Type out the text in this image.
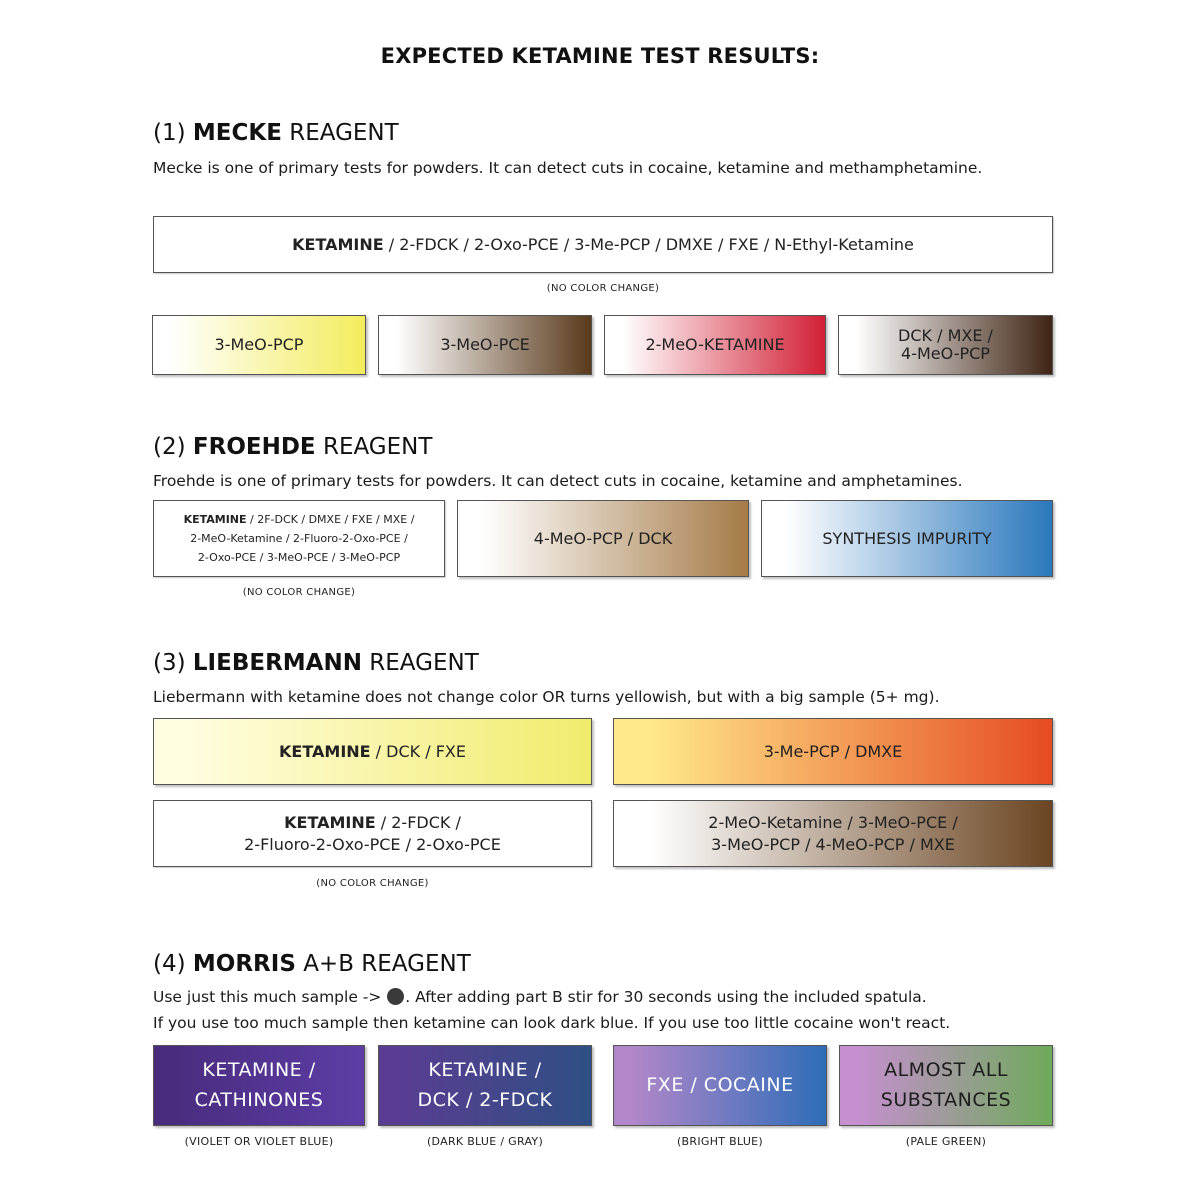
EXPECTED KETAMINE TEST RESULTS:
(1) MECKE REAGENT
Mecke is one of primary tests for powders. It can detect cuts in cocaine, ketamine and methamphetamine.
KETAMINE / 2-FDCK / 2-Oxo-PCE / 3-Me-PCP / DMXE / FXE / N-Ethyl-Ketamine
(NO COLOR CHANGE)
3-MeO-PCP	3-MeO-PCE	2-MeO-KETAMINE
DCK / MXE /
4-MeO-PCP
(2) FROEHDE REAGENT
Froehde is one of primary tests for powders. It can detect cuts in cocaine, ketamine and amphetamines.
KETAMINE / 2F-DCK / DMXE / FXE / MXE /
2-MeO-Ketamine / 2-Fluoro-2-Oxo-PCE /
2-Oxo-PCE / 3-MeO-PCE / 3-MeO-PCP
(NO COLOR CHANGE)
4-MeO-PCP / DCK	SYNTHESIS IMPURITY
(3) LIEBERMANN REAGENT
Liebermann with ketamine does not change color OR turns yellowish, but with a big sample (5+ mg).
KETAMINE / DCK / FXE	3-Me-PCP / DMXE
KETAMINE / 2-FDCK /
2-Fluoro-2-Oxo-PCE / 2-Oxo-PCE
(NO COLOR CHANGE)
2-MeO-Ketamine / 3-MeO-PCE /
3-MeO-PCP / 4-MeO-PCP / MXE
(4) MORRIS A+B REAGENT
Use just this much sample -> . After adding part B stir for 30 seconds using the included spatula.
If you use too much sample then ketamine can look dark blue. If you use too little cocaine won't react.
KETAMINE /
CATHINONES
(VIOLET OR VIOLET BLUE)
KETAMINE /
DCK / 2-FDCK
(DARK BLUE / GRAY)
FXE / COCAINE
(BRIGHT BLUE)
ALMOST ALL
SUBSTANCES
(PALE GREEN)
